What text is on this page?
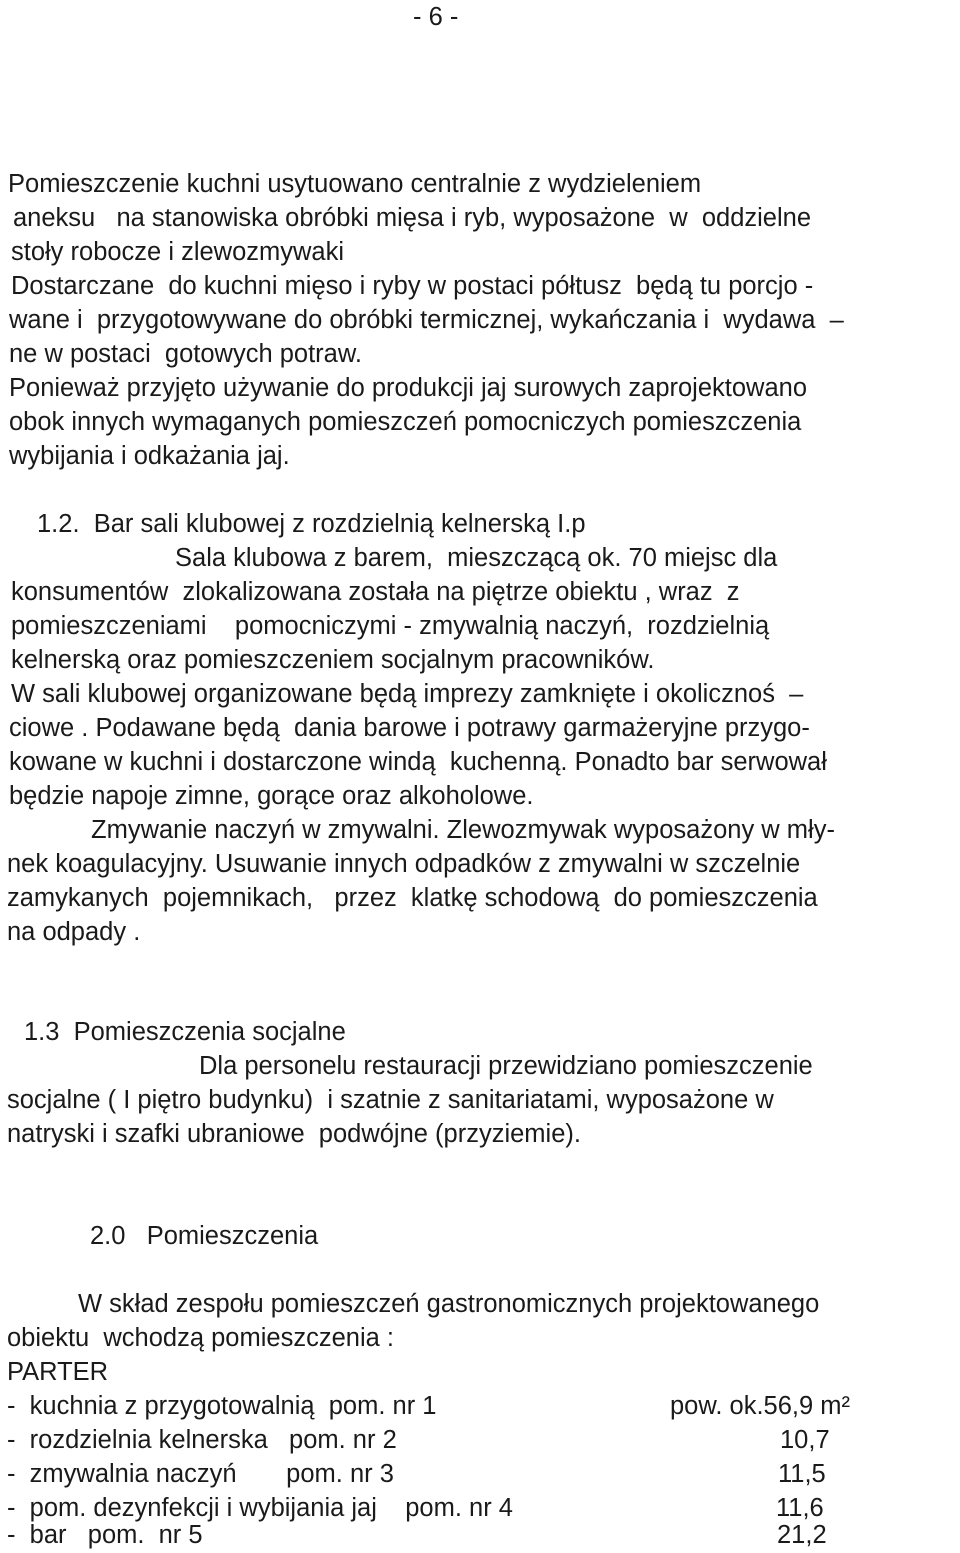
- 6 -

Pomieszczenie kuchni usytuowano centralnie z wydzieleniem

aneksu   na stanowiska obróbki mięsa i ryb, wyposażone  w  oddzielne

stoły robocze i zlewozmywaki

Dostarczane  do kuchni mięso i ryby w postaci półtusz  będą tu porcjo -

wane i  przygotowywane do obróbki termicznej, wykańczania i  wydawa  –

ne w postaci  gotowych potraw.

Ponieważ przyjęto używanie do produkcji jaj surowych zaprojektowano

obok innych wymaganych pomieszczeń pomocniczych pomieszczenia

wybijania i odkażania jaj.

1.2.  Bar sali klubowej z rozdzielnią kelnerską I.p

Sala klubowa z barem,  mieszczącą ok. 70 miejsc dla

konsumentów  zlokalizowana została na piętrze obiektu , wraz  z

pomieszczeniami    pomocniczymi - zmywalnią naczyń,  rozdzielnią

kelnerską oraz pomieszczeniem socjalnym pracowników.

W sali klubowej organizowane będą imprezy zamknięte i okolicznoś  –

ciowe . Podawane będą  dania barowe i potrawy garmażeryjne przygo-

kowane w kuchni i dostarczone windą  kuchenną. Ponadto bar serwował

będzie napoje zimne, gorące oraz alkoholowe.

Zmywanie naczyń w zmywalni. Zlewozmywak wyposażony w mły-

nek koagulacyjny. Usuwanie innych odpadków z zmywalni w szczelnie

zamykanych  pojemnikach,   przez  klatkę schodową  do pomieszczenia

na odpady .

1.3  Pomieszczenia socjalne

Dla personelu restauracji przewidziano pomieszczenie

socjalne ( I piętro budynku)  i szatnie z sanitariatami, wyposażone w

natryski i szafki ubraniowe  podwójne (przyziemie).

2.0   Pomieszczenia

W skład zespołu pomieszczeń gastronomicznych projektowanego

obiektu  wchodzą pomieszczenia :

PARTER

-  kuchnia z przygotowalnią  pom. nr 1	pow. ok.56,9 m²
-  rozdzielnia kelnerska   pom. nr 2	10,7
-  zmywalnia naczyń       pom. nr 3	11,5
-  pom. dezynfekcji i wybijania jaj    pom. nr 4	11,6
-  bar   pom.  nr 5	21,2
